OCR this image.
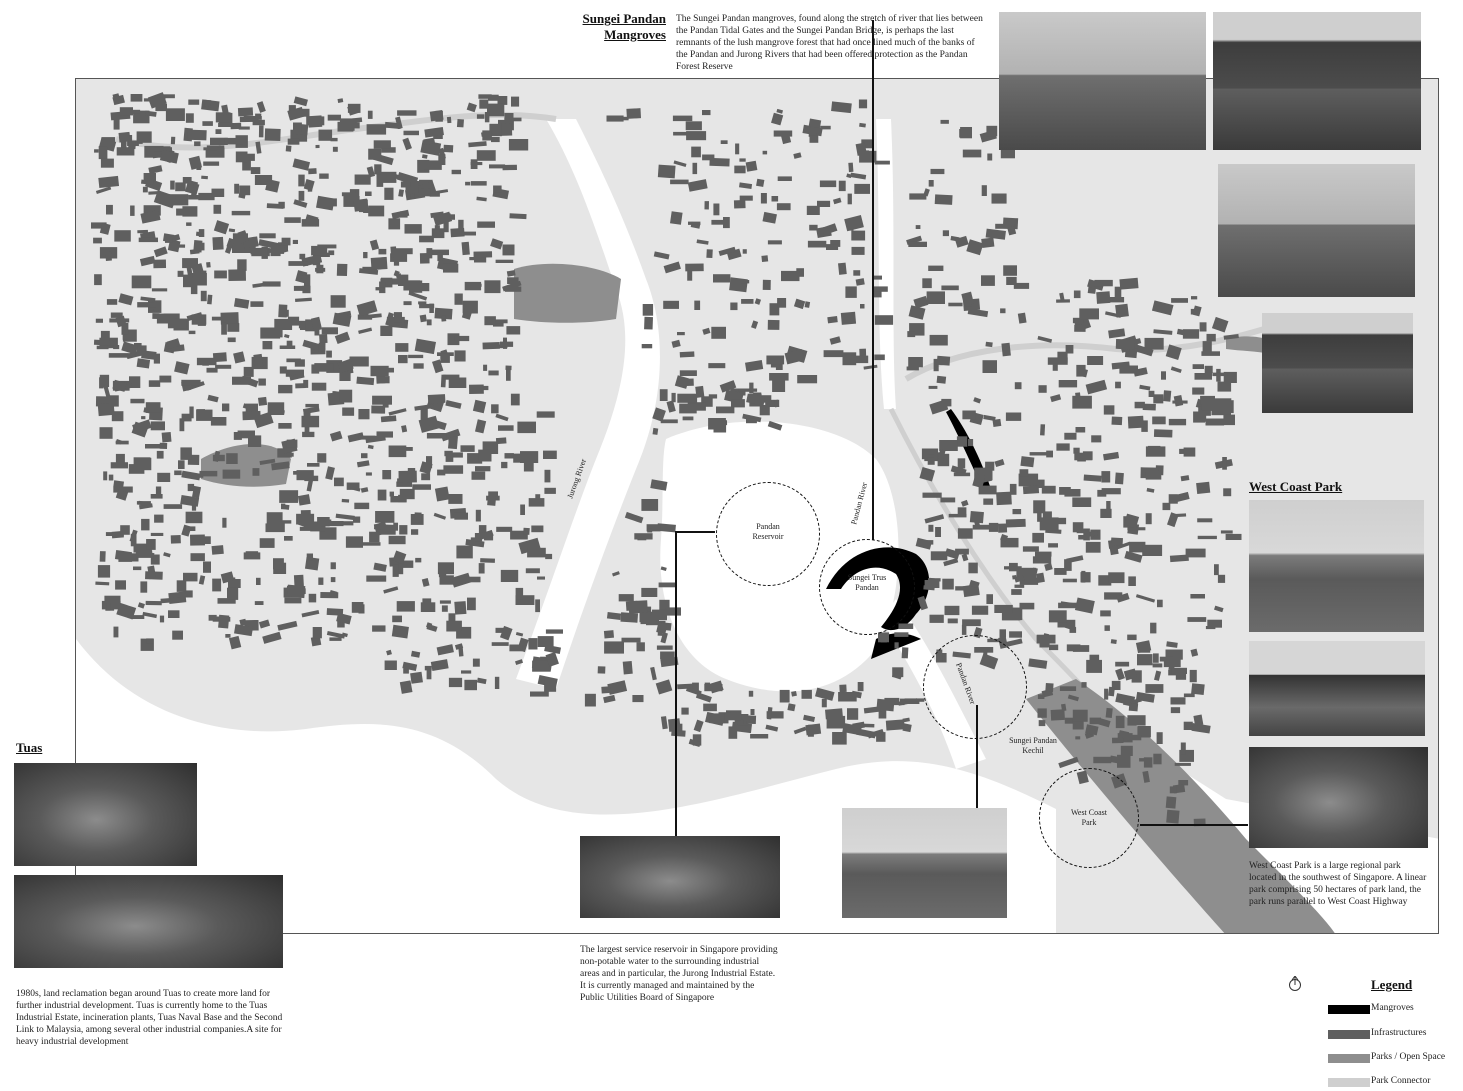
Jurong River
Pandan River
Pandan River
Pandan
Reservoir
Sungei Trus
Pandan
Sungei Pandan
Kechil
West Coast
Park
Sungei Pandan
Mangroves
The Sungei Pandan mangroves, found along the stretch of river that lies between the Pandan Tidal Gates and the Sungei Pandan Bridge, is perhaps the last remnants of the lush mangrove forest that had once lined much of the banks of the Pandan and Jurong Rivers that had been offered protection as the Pandan Forest Reserve
West Coast Park
West Coast Park is a large regional park located in the southwest of Singapore. A linear park comprising 50 hectares of park land, the park runs parallel to West Coast Highway
The largest service reservoir in Singapore providing non-potable water to the surrounding industrial areas and in particular, the Jurong Industrial Estate. It is currently managed and maintained by the Public Utilities Board of Singapore
Tuas
1980s, land reclamation began around Tuas to create more land for further industrial development. Tuas is currently home to the Tuas Industrial Estate, incineration plants, Tuas Naval Base and the Second Link to Malaysia, among several other industrial companies.A site for heavy industrial development
Legend
Mangroves
Infrastructures
Parks / Open Space
Park Connector
